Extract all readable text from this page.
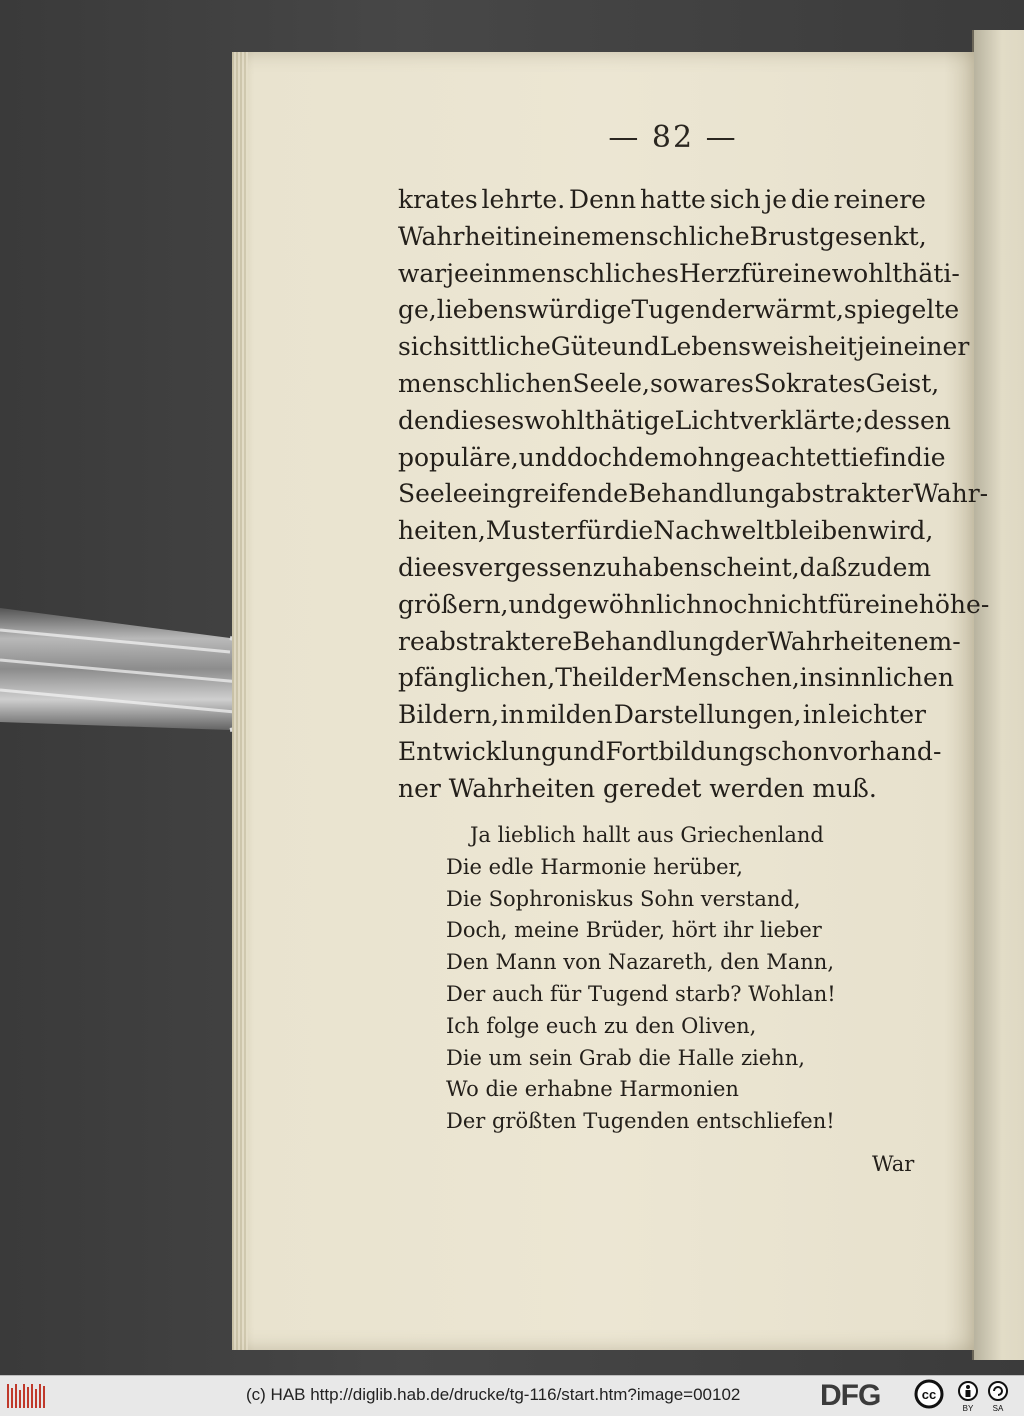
— 82 —
krates lehrte. Denn hatte sich je die reinere
Wahrheit in eine menschliche Brust gesenkt,
war je ein menschliches Herz für eine wohlthäti-
ge, liebenswürdige Tugend erwärmt, spiegelte
sich sittliche Güte und Lebensweisheit je in einer
menschlichen Seele, so war es Sokrates Geist,
den dieses wohlthätige Licht verklärte; dessen
populäre, und doch demohngeachtet tief in die
Seele eingreifende Behandlung abstrakter Wahr-
heiten, Muster für die Nachwelt bleiben wird,
die es vergessen zu haben scheint, daß zu dem
größern, und gewöhnlich noch nicht für eine höhe-
re abstraktere Behandlung der Wahrheiten em-
pfänglichen, Theil der Menschen, in sinnlichen
Bildern, in milden Darstellungen, in leichter
Entwicklung und Fortbildung schon vorhand-
ner Wahrheiten geredet werden muß.
Ja lieblich hallt aus Griechenland
Die edle Harmonie herüber,
Die Sophroniskus Sohn verstand,
Doch, meine Brüder, hört ihr lieber
Den Mann von Nazareth, den Mann,
Der auch für Tugend starb? Wohlan!
Ich folge euch zu den Oliven,
Die um sein Grab die Halle ziehn,
Wo die erhabne Harmonien
Der größten Tugenden entschliefen!
War
(c) HAB http://diglib.hab.de/drucke/tg-116/start.htm?image=00102	DFG	cc
BY SA
